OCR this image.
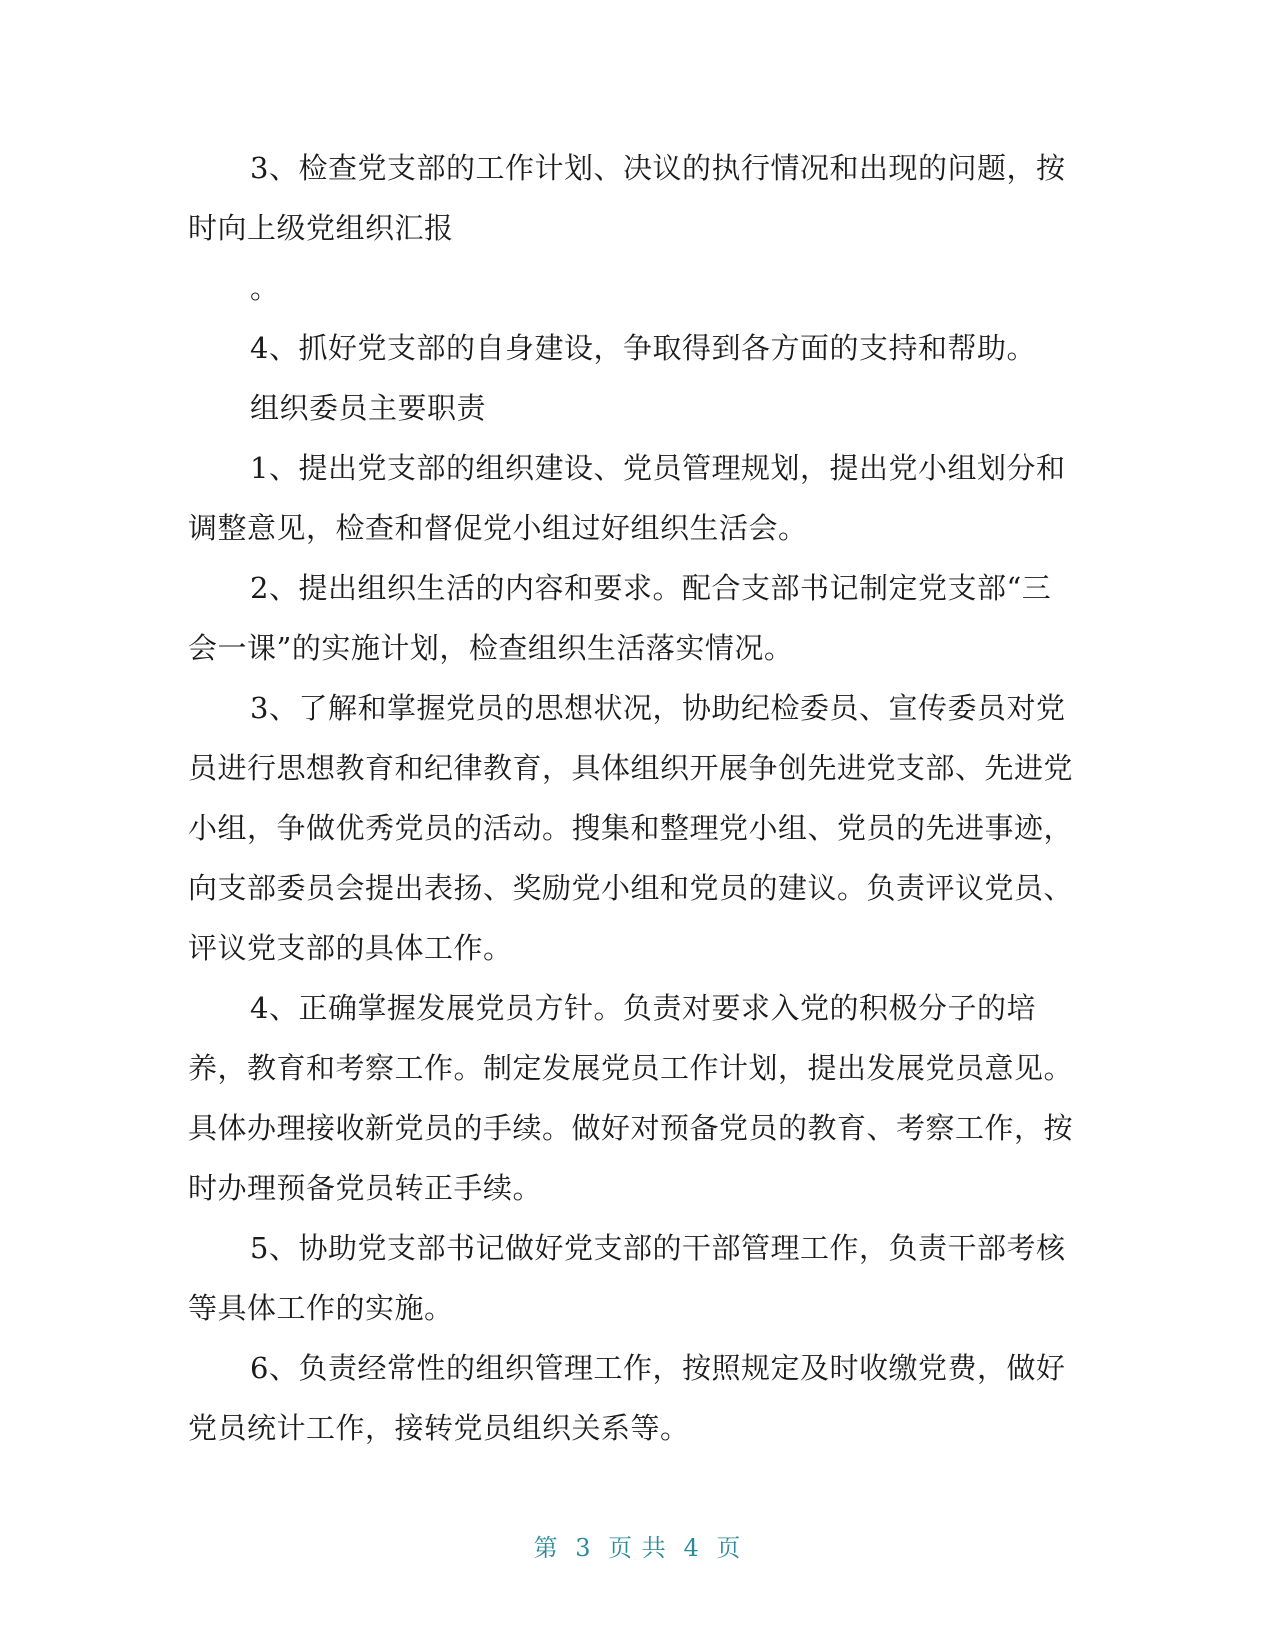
3、检查党支部的工作计划、决议的执行情况和出现的问题，按时向上级党组织汇报

。

4、抓好党支部的自身建设，争取得到各方面的支持和帮助。

组织委员主要职责

1、提出党支部的组织建设、党员管理规划，提出党小组划分和调整意见，检查和督促党小组过好组织生活会。

2、提出组织生活的内容和要求。配合支部书记制定党支部“三会一课”的实施计划，检查组织生活落实情况。

3、了解和掌握党员的思想状况，协助纪检委员、宣传委员对党员进行思想教育和纪律教育，具体组织开展争创先进党支部、先进党小组，争做优秀党员的活动。搜集和整理党小组、党员的先进事迹，向支部委员会提出表扬、奖励党小组和党员的建议。负责评议党员、评议党支部的具体工作。

4、正确掌握发展党员方针。负责对要求入党的积极分子的培养，教育和考察工作。制定发展党员工作计划，提出发展党员意见。具体办理接收新党员的手续。做好对预备党员的教育、考察工作，按时办理预备党员转正手续。

5、协助党支部书记做好党支部的干部管理工作，负责干部考核等具体工作的实施。

6、负责经常性的组织管理工作，按照规定及时收缴党费，做好党员统计工作，接转党员组织关系等。

第 3 页 共 4 页
